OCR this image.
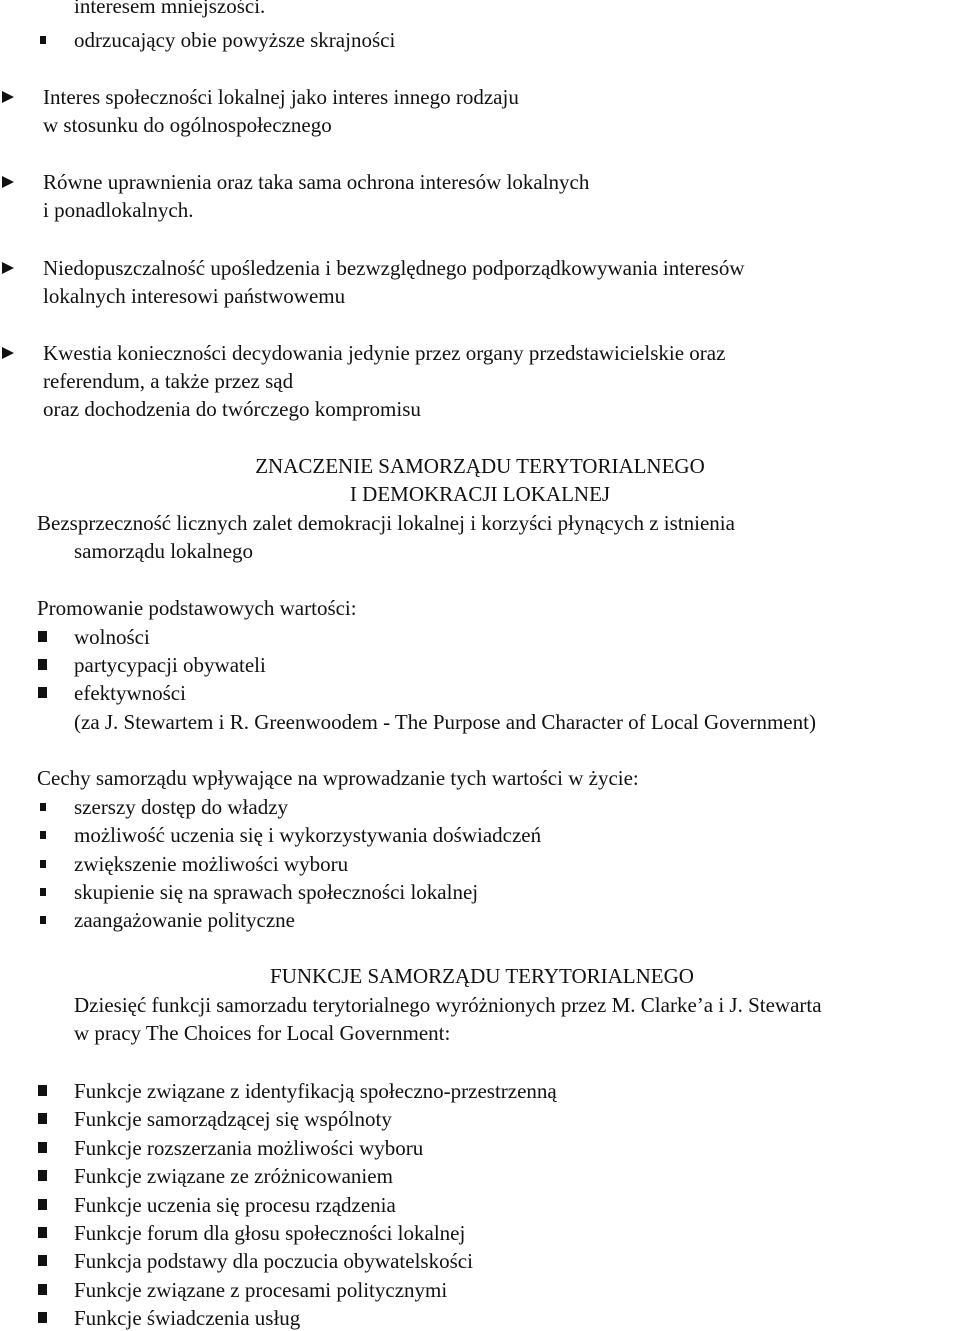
interesem mniejszości.
odrzucający obie powyższe skrajności
Interes społeczności lokalnej jako interes innego rodzaju
w stosunku do ogólnospołecznego
Równe uprawnienia oraz taka sama ochrona interesów lokalnych
i ponadlokalnych.
Niedopuszczalność upośledzenia i bezwzględnego podporządkowywania interesów
lokalnych interesowi państwowemu
Kwestia konieczności decydowania jedynie przez organy przedstawicielskie oraz
referendum, a także przez sąd
oraz dochodzenia do twórczego kompromisu
ZNACZENIE SAMORZĄDU TERYTORIALNEGO
I DEMOKRACJI LOKALNEJ
Bezsprzeczność licznych zalet demokracji lokalnej i korzyści płynących z istnienia
samorządu lokalnego
Promowanie podstawowych wartości:
wolności
partycypacji obywateli
efektywności
(za J. Stewartem i R. Greenwoodem - The Purpose and Character of Local Government)
Cechy samorządu wpływające na wprowadzanie tych wartości w życie:
szerszy dostęp do władzy
możliwość uczenia się i wykorzystywania doświadczeń
zwiększenie możliwości wyboru
skupienie się na sprawach społeczności lokalnej
zaangażowanie polityczne
FUNKCJE SAMORZĄDU TERYTORIALNEGO
Dziesięć funkcji samorzadu terytorialnego wyróżnionych przez M. Clarke’a i J. Stewarta
w pracy The Choices for Local Government:
Funkcje związane z identyfikacją społeczno-przestrzenną
Funkcje samorządzącej się wspólnoty
Funkcje rozszerzania możliwości wyboru
Funkcje związane ze zróżnicowaniem
Funkcje uczenia się procesu rządzenia
Funkcje forum dla głosu społeczności lokalnej
Funkcja podstawy dla poczucia obywatelskości
Funkcje związane z procesami politycznymi
Funkcje świadczenia usług
